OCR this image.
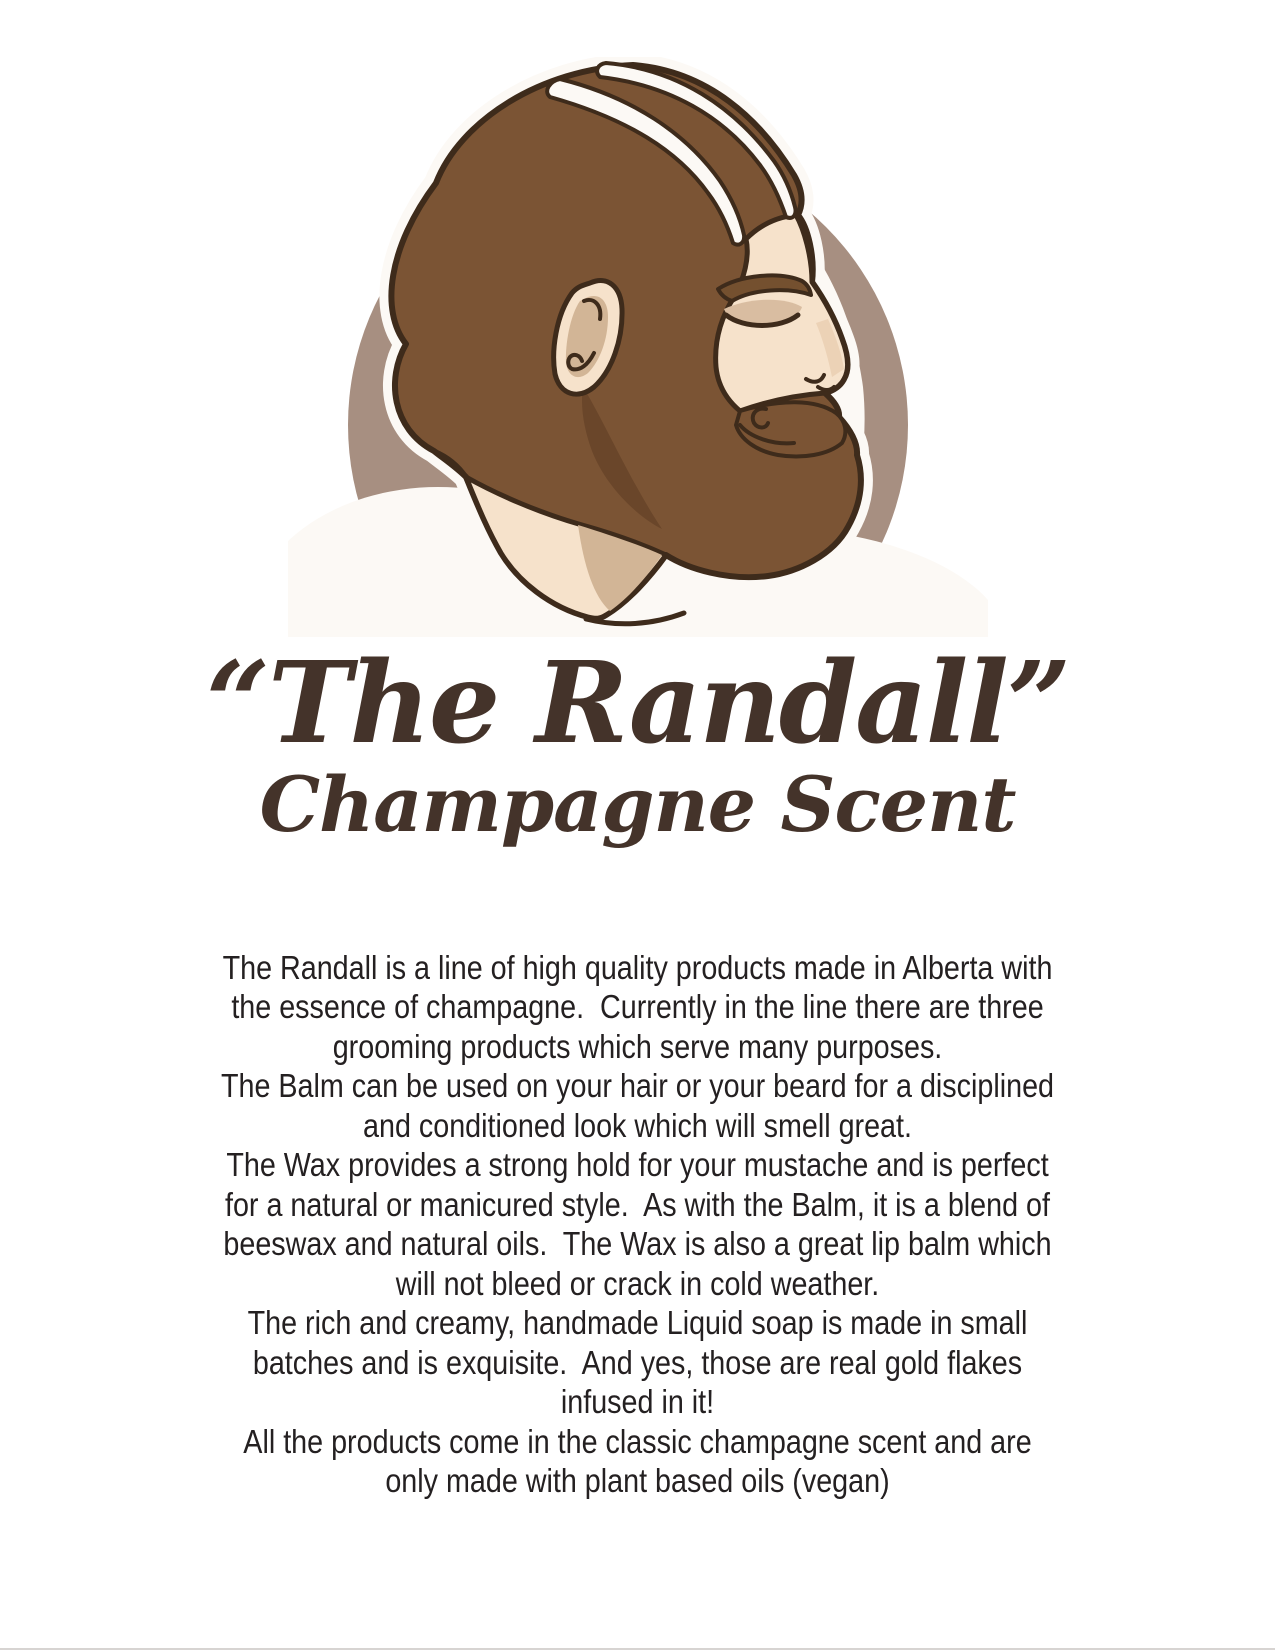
“The Randall”
Champagne Scent
The Randall is a line of high quality products made in Alberta with
the essence of champagne.  Currently in the line there are three
grooming products which serve many purposes.
The Balm can be used on your hair or your beard for a disciplined
and conditioned look which will smell great.
The Wax provides a strong hold for your mustache and is perfect
for a natural or manicured style.  As with the Balm, it is a blend of
beeswax and natural oils.  The Wax is also a great lip balm which
will not bleed or crack in cold weather.
The rich and creamy, handmade Liquid soap is made in small
batches and is exquisite.  And yes, those are real gold flakes
infused in it!
All the products come in the classic champagne scent and are
only made with plant based oils (vegan)
